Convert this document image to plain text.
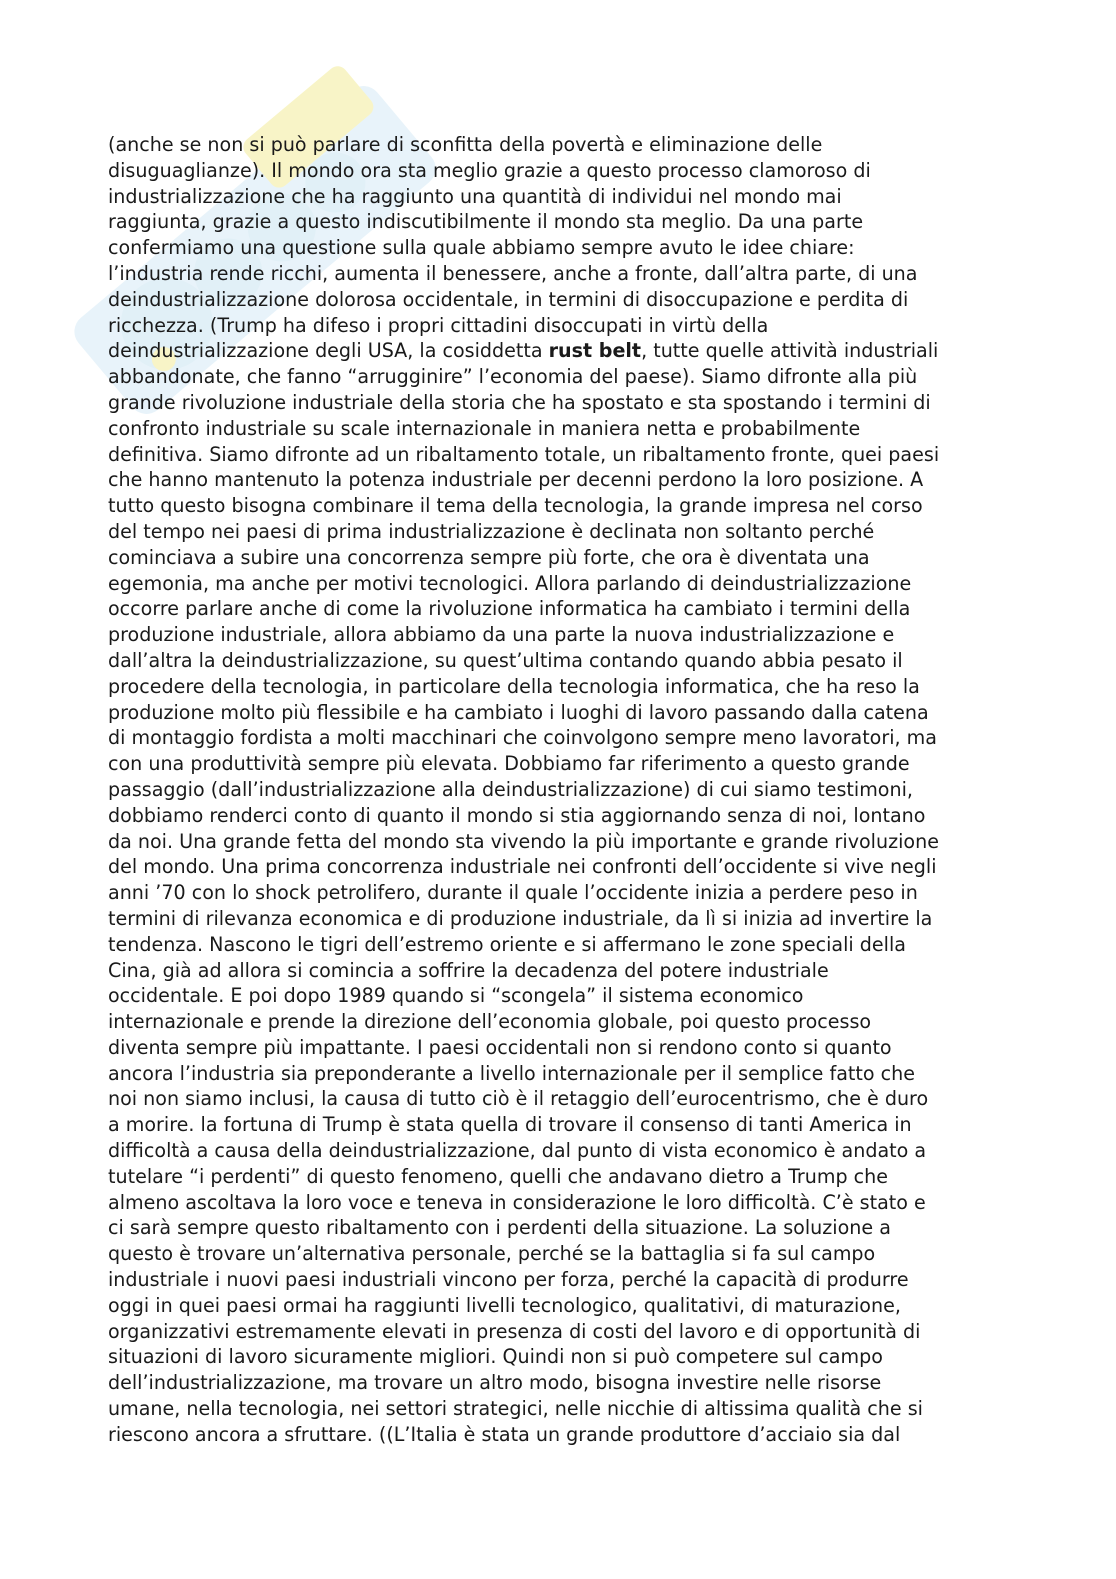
(anche se non si può parlare di sconfitta della povertà e eliminazione delle
disuguaglianze). Il mondo ora sta meglio grazie a questo processo clamoroso di
industrializzazione che ha raggiunto una quantità di individui nel mondo mai
raggiunta, grazie a questo indiscutibilmente il mondo sta meglio. Da una parte
confermiamo una questione sulla quale abbiamo sempre avuto le idee chiare:
l’industria rende ricchi, aumenta il benessere, anche a fronte, dall’altra parte, di una
deindustrializzazione dolorosa occidentale, in termini di disoccupazione e perdita di
ricchezza. (Trump ha difeso i propri cittadini disoccupati in virtù della
deindustrializzazione degli USA, la cosiddetta rust belt, tutte quelle attività industriali
abbandonate, che fanno “arrugginire” l’economia del paese). Siamo difronte alla più
grande rivoluzione industriale della storia che ha spostato e sta spostando i termini di
confronto industriale su scale internazionale in maniera netta e probabilmente
definitiva. Siamo difronte ad un ribaltamento totale, un ribaltamento fronte, quei paesi
che hanno mantenuto la potenza industriale per decenni perdono la loro posizione. A
tutto questo bisogna combinare il tema della tecnologia, la grande impresa nel corso
del tempo nei paesi di prima industrializzazione è declinata non soltanto perché
cominciava a subire una concorrenza sempre più forte, che ora è diventata una
egemonia, ma anche per motivi tecnologici. Allora parlando di deindustrializzazione
occorre parlare anche di come la rivoluzione informatica ha cambiato i termini della
produzione industriale, allora abbiamo da una parte la nuova industrializzazione e
dall’altra la deindustrializzazione, su quest’ultima contando quando abbia pesato il
procedere della tecnologia, in particolare della tecnologia informatica, che ha reso la
produzione molto più flessibile e ha cambiato i luoghi di lavoro passando dalla catena
di montaggio fordista a molti macchinari che coinvolgono sempre meno lavoratori, ma
con una produttività sempre più elevata. Dobbiamo far riferimento a questo grande
passaggio (dall’industrializzazione alla deindustrializzazione) di cui siamo testimoni,
dobbiamo renderci conto di quanto il mondo si stia aggiornando senza di noi, lontano
da noi. Una grande fetta del mondo sta vivendo la più importante e grande rivoluzione
del mondo. Una prima concorrenza industriale nei confronti dell’occidente si vive negli
anni ’70 con lo shock petrolifero, durante il quale l’occidente inizia a perdere peso in
termini di rilevanza economica e di produzione industriale, da lì si inizia ad invertire la
tendenza. Nascono le tigri dell’estremo oriente e si affermano le zone speciali della
Cina, già ad allora si comincia a soffrire la decadenza del potere industriale
occidentale. E poi dopo 1989 quando si “scongela” il sistema economico
internazionale e prende la direzione dell’economia globale, poi questo processo
diventa sempre più impattante. I paesi occidentali non si rendono conto si quanto
ancora l’industria sia preponderante a livello internazionale per il semplice fatto che
noi non siamo inclusi, la causa di tutto ciò è il retaggio dell’eurocentrismo, che è duro
a morire. la fortuna di Trump è stata quella di trovare il consenso di tanti America in
difficoltà a causa della deindustrializzazione, dal punto di vista economico è andato a
tutelare “i perdenti” di questo fenomeno, quelli che andavano dietro a Trump che
almeno ascoltava la loro voce e teneva in considerazione le loro difficoltà. C’è stato e
ci sarà sempre questo ribaltamento con i perdenti della situazione. La soluzione a
questo è trovare un’alternativa personale, perché se la battaglia si fa sul campo
industriale i nuovi paesi industriali vincono per forza, perché la capacità di produrre
oggi in quei paesi ormai ha raggiunti livelli tecnologico, qualitativi, di maturazione,
organizzativi estremamente elevati in presenza di costi del lavoro e di opportunità di
situazioni di lavoro sicuramente migliori. Quindi non si può competere sul campo
dell’industrializzazione, ma trovare un altro modo, bisogna investire nelle risorse
umane, nella tecnologia, nei settori strategici, nelle nicchie di altissima qualità che si
riescono ancora a sfruttare. ((L’Italia è stata un grande produttore d’acciaio sia dal
